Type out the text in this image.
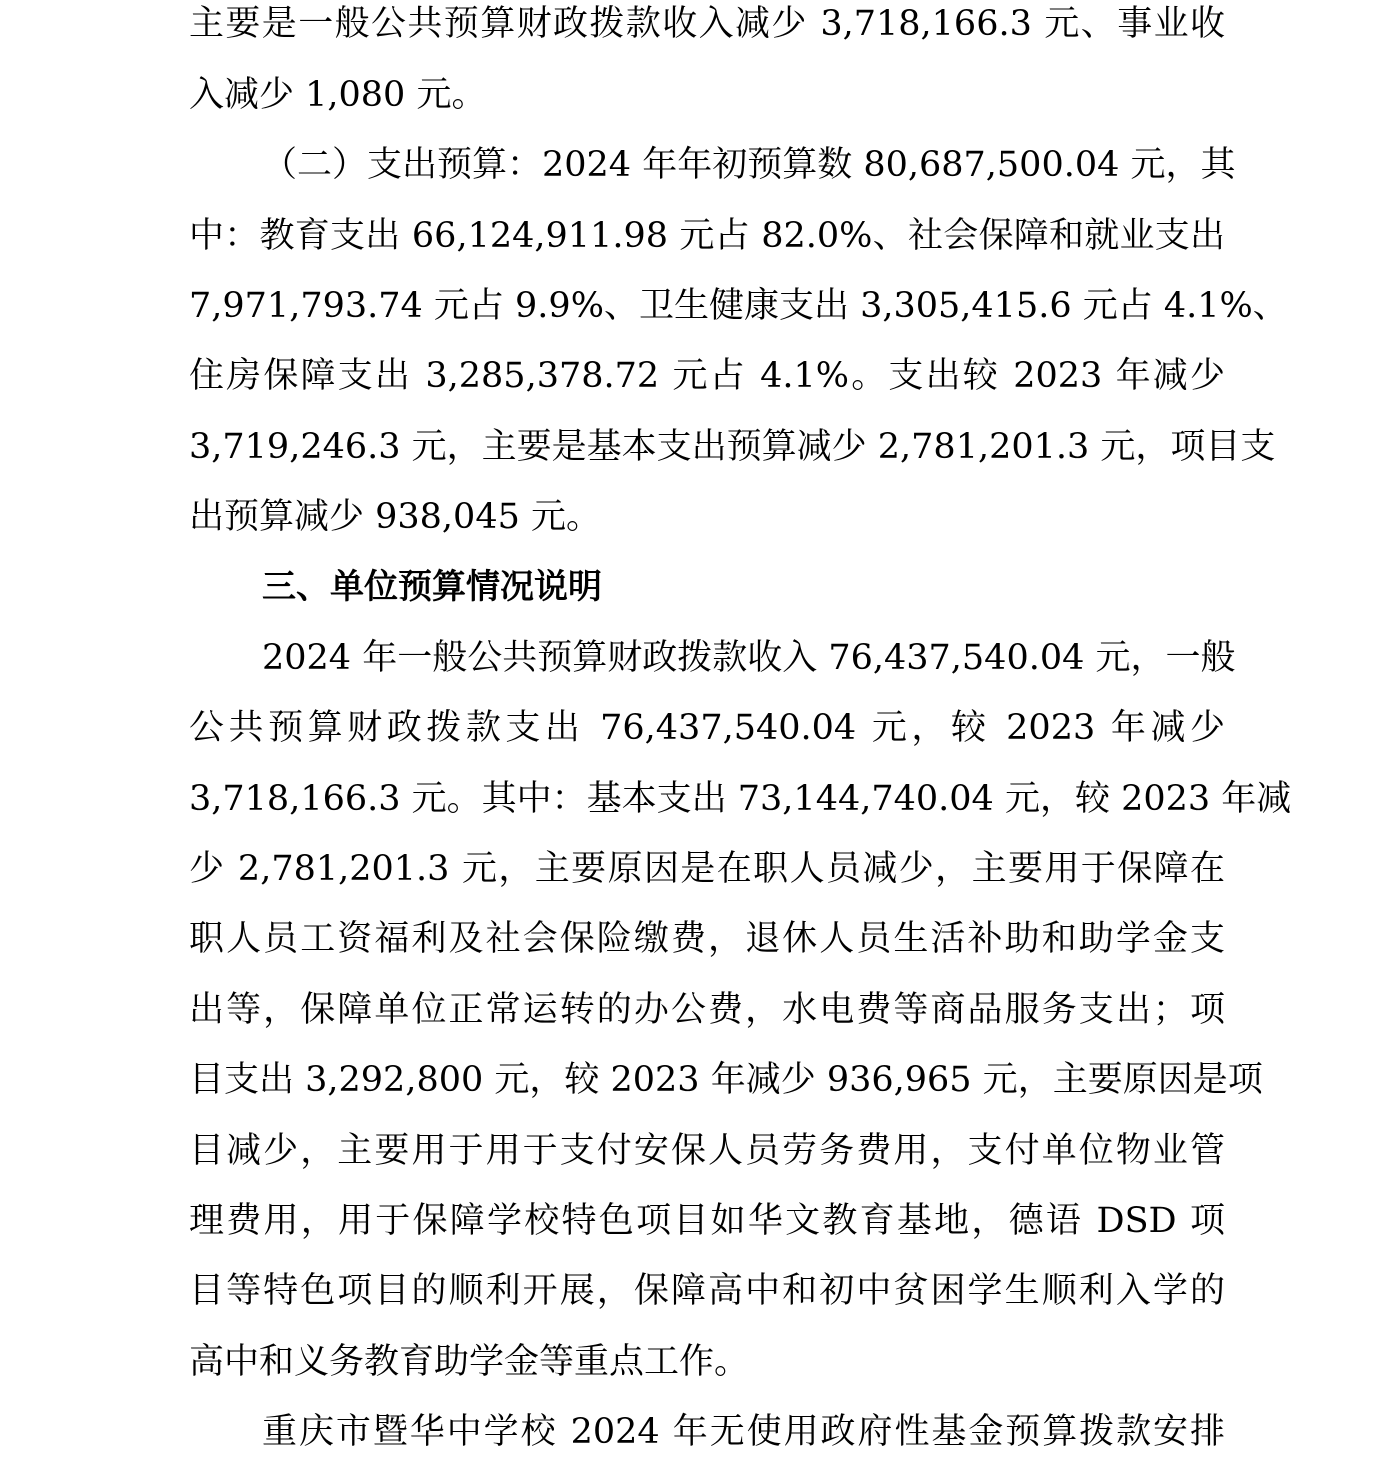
主要是一般公共预算财政拨款收入减少 3,718,166.3 元、事业收
入减少 1,080 元。
（二）支出预算：2024 年年初预算数 80,687,500.04 元，其
中：教育支出 66,124,911.98 元占 82.0%、社会保障和就业支出
7,971,793.74 元占 9.9%、卫生健康支出 3,305,415.6 元占 4.1%、
住房保障支出 3,285,378.72 元占 4.1%。支出较 2023 年减少
3,719,246.3 元，主要是基本支出预算减少 2,781,201.3 元，项目支
出预算减少 938,045 元。
三、单位预算情况说明
2024 年一般公共预算财政拨款收入 76,437,540.04 元，一般
公共预算财政拨款支出 76,437,540.04 元，较 2023 年减少
3,718,166.3 元。其中：基本支出 73,144,740.04 元，较 2023 年减
少 2,781,201.3 元，主要原因是在职人员减少，主要用于保障在
职人员工资福利及社会保险缴费，退休人员生活补助和助学金支
出等，保障单位正常运转的办公费，水电费等商品服务支出；项
目支出 3,292,800 元，较 2023 年减少 936,965 元，主要原因是项
目减少，主要用于用于支付安保人员劳务费用，支付单位物业管
理费用，用于保障学校特色项目如华文教育基地，德语 DSD 项
目等特色项目的顺利开展，保障高中和初中贫困学生顺利入学的
高中和义务教育助学金等重点工作。
重庆市暨华中学校 2024 年无使用政府性基金预算拨款安排
